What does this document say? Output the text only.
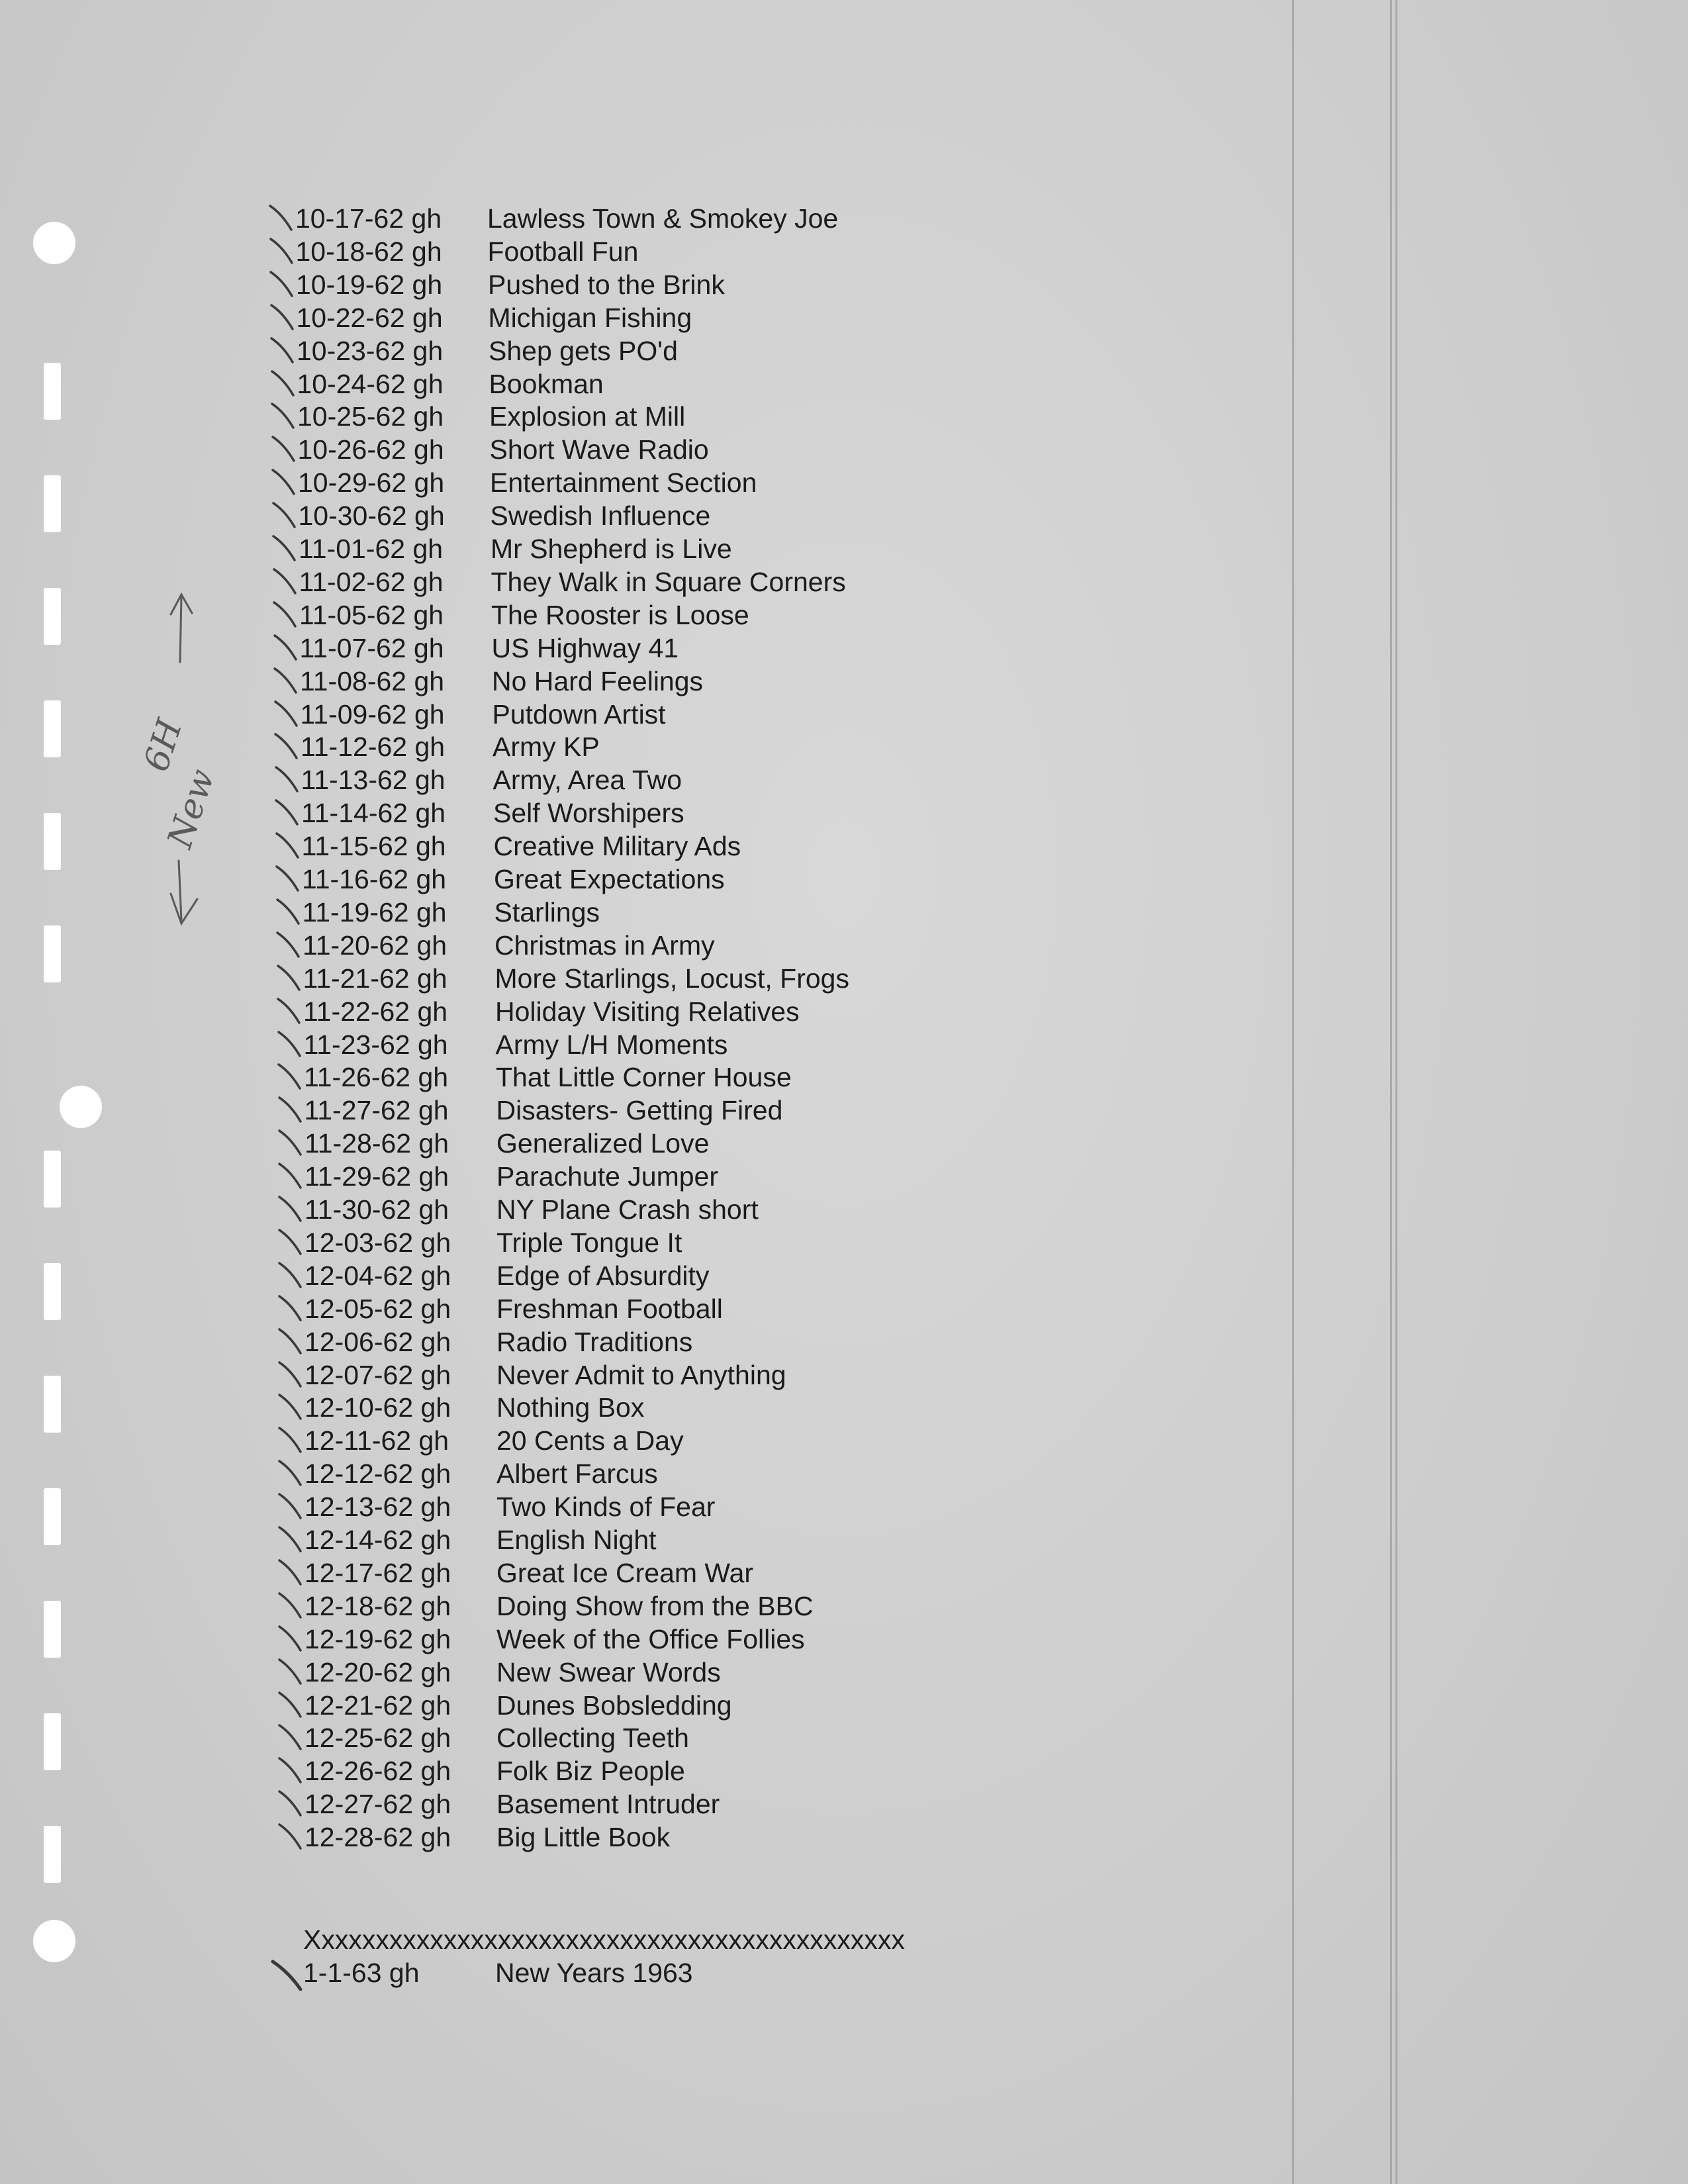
6H
New
10-17-62 gh Lawless Town & Smokey Joe
10-18-62 gh Football Fun
10-19-62 gh Pushed to the Brink
10-22-62 gh Michigan Fishing
10-23-62 gh Shep gets PO'd
10-24-62 gh Bookman
10-25-62 gh Explosion at Mill
10-26-62 gh Short Wave Radio
10-29-62 gh Entertainment Section
10-30-62 gh Swedish Influence
11-01-62 gh Mr Shepherd is Live
11-02-62 gh They Walk in Square Corners
11-05-62 gh The Rooster is Loose
11-07-62 gh US Highway 41
11-08-62 gh No Hard Feelings
11-09-62 gh Putdown Artist
11-12-62 gh Army KP
11-13-62 gh Army, Area Two
11-14-62 gh Self Worshipers
11-15-62 gh Creative Military Ads
11-16-62 gh Great Expectations
11-19-62 gh Starlings
11-20-62 gh Christmas in Army
11-21-62 gh More Starlings, Locust, Frogs
11-22-62 gh Holiday Visiting Relatives
11-23-62 gh Army L/H Moments
11-26-62 gh That Little Corner House
11-27-62 gh Disasters- Getting Fired
11-28-62 gh Generalized Love
11-29-62 gh Parachute Jumper
11-30-62 gh NY Plane Crash short
12-03-62 gh Triple Tongue It
12-04-62 gh Edge of Absurdity
12-05-62 gh Freshman Football
12-06-62 gh Radio Traditions
12-07-62 gh Never Admit to Anything
12-10-62 gh Nothing Box
12-11-62 gh 20 Cents a Day
12-12-62 gh Albert Farcus
12-13-62 gh Two Kinds of Fear
12-14-62 gh English Night
12-17-62 gh Great Ice Cream War
12-18-62 gh Doing Show from the BBC
12-19-62 gh Week of the Office Follies
12-20-62 gh New Swear Words
12-21-62 gh Dunes Bobsledding
12-25-62 gh Collecting Teeth
12-26-62 gh Folk Biz People
12-27-62 gh Basement Intruder
12-28-62 gh Big Little Book
Xxxxxxxxxxxxxxxxxxxxxxxxxxxxxxxxxxxxxxxxxxxx
1-1-63 gh	New Years 1963
